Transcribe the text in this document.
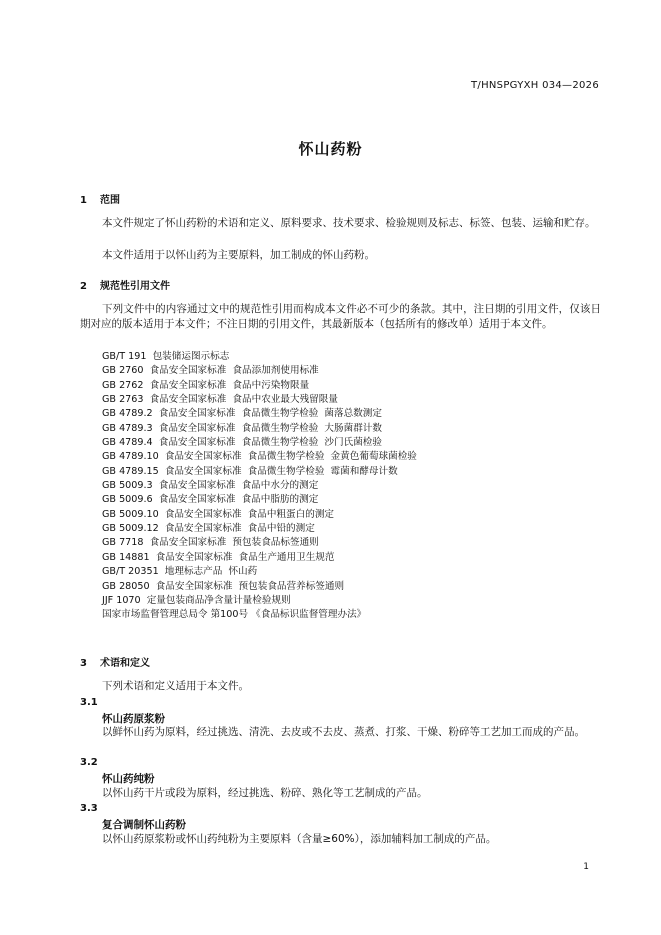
T/HNSPGYXH 034—2026
怀山药粉
1 范围
本文件规定了怀山药粉的术语和定义、原料要求、技术要求、检验规则及标志、标签、包装、运输和贮存。
本文件适用于以怀山药为主要原料，加工制成的怀山药粉。
2 规范性引用文件
下列文件中的内容通过文中的规范性引用而构成本文件必不可少的条款。其中，注日期的引用文件，仅该日期对应的版本适用于本文件；不注日期的引用文件，其最新版本（包括所有的修改单）适用于本文件。
GB/T 191  包装储运图示标志
GB 2760  食品安全国家标准  食品添加剂使用标准
GB 2762  食品安全国家标准  食品中污染物限量
GB 2763  食品安全国家标准  食品中农业最大残留限量
GB 4789.2  食品安全国家标准  食品微生物学检验  菌落总数测定
GB 4789.3  食品安全国家标准  食品微生物学检验  大肠菌群计数
GB 4789.4  食品安全国家标准  食品微生物学检验  沙门氏菌检验
GB 4789.10  食品安全国家标准  食品微生物学检验  金黄色葡萄球菌检验
GB 4789.15  食品安全国家标准  食品微生物学检验  霉菌和酵母计数
GB 5009.3  食品安全国家标准  食品中水分的测定
GB 5009.6  食品安全国家标准  食品中脂肪的测定
GB 5009.10  食品安全国家标准  食品中粗蛋白的测定
GB 5009.12  食品安全国家标准  食品中铅的测定
GB 7718  食品安全国家标准  预包装食品标签通则
GB 14881  食品安全国家标准  食品生产通用卫生规范
GB/T 20351  地理标志产品  怀山药
GB 28050  食品安全国家标准  预包装食品营养标签通则
JJF 1070  定量包装商品净含量计量检验规则
国家市场监督管理总局令 第100号 《食品标识监督管理办法》
3 术语和定义
下列术语和定义适用于本文件。
3.1
怀山药原浆粉
以鲜怀山药为原料，经过挑选、清洗、去皮或不去皮、蒸煮、打浆、干燥、粉碎等工艺加工而成的产品。
3.2
怀山药纯粉
以怀山药干片或段为原料，经过挑选、粉碎、熟化等工艺制成的产品。
3.3
复合调制怀山药粉
以怀山药原浆粉或怀山药纯粉为主要原料（含量≥60%），添加辅料加工制成的产品。
1
